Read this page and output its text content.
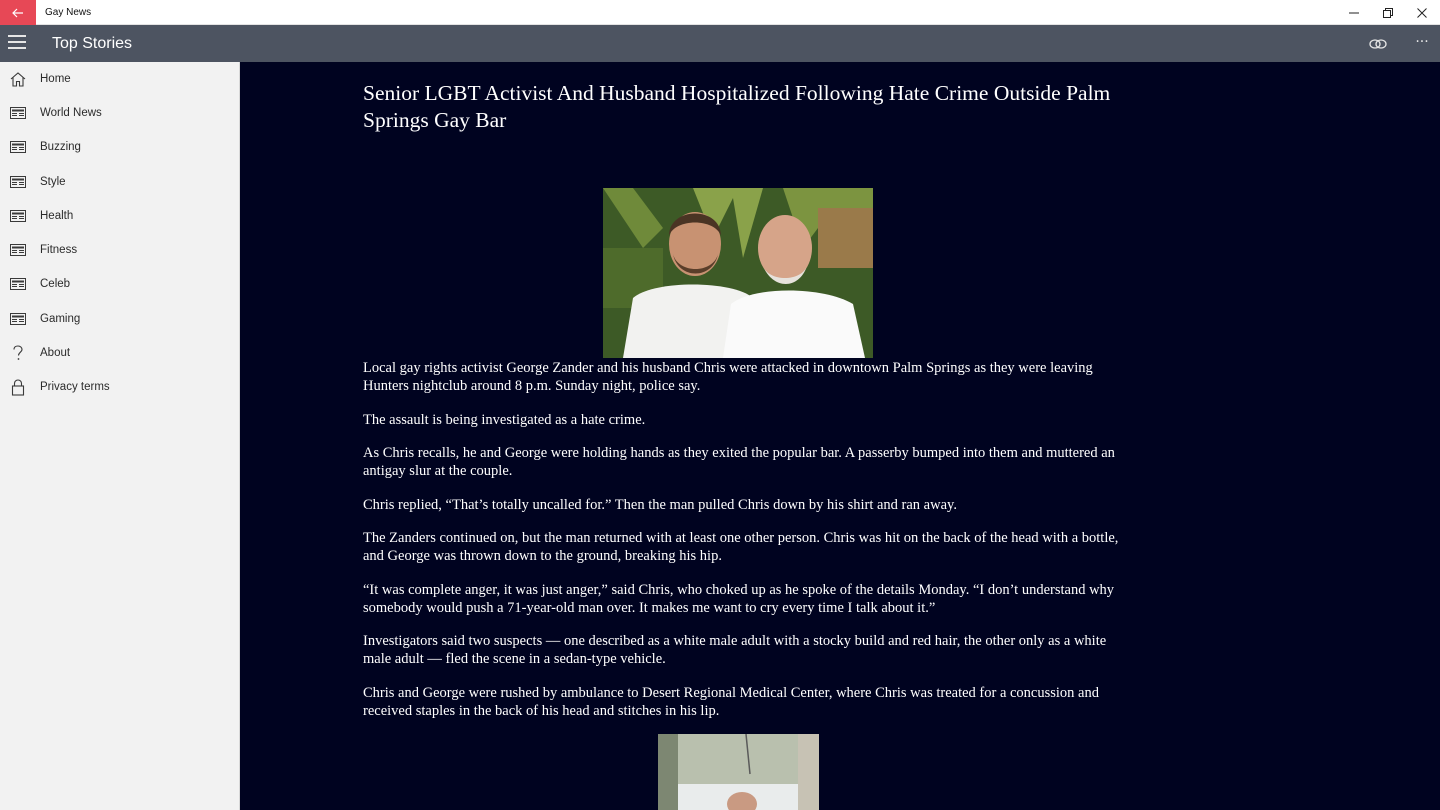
Gay News
Top Stories	···
Home
World News
Buzzing
Style
Health
Fitness
Celeb
Gaming
About
Privacy terms
Senior LGBT Activist And Husband Hospitalized Following Hate Crime Outside Palm Springs Gay Bar

Local gay rights activist George Zander and his husband Chris were attacked in downtown Palm Springs as they were leaving Hunters nightclub around 8 p.m. Sunday night, police say.

The assault is being investigated as a hate crime.

As Chris recalls, he and George were holding hands as they exited the popular bar. A passerby bumped into them and muttered an antigay slur at the couple.

Chris replied, “That’s totally uncalled for.” Then the man pulled Chris down by his shirt and ran away.

The Zanders continued on, but the man returned with at least one other person. Chris was hit on the back of the head with a bottle, and George was thrown down to the ground, breaking his hip.

“It was complete anger, it was just anger,” said Chris, who choked up as he spoke of the details Monday. “I don’t understand why somebody would push a 71-year-old man over. It makes me want to cry every time I talk about it.”

Investigators said two suspects — one described as a white male adult with a stocky build and red hair, the other only as a white male adult — fled the scene in a sedan-type vehicle.

Chris and George were rushed by ambulance to Desert Regional Medical Center, where Chris was treated for a concussion and received staples in the back of his head and stitches in his lip.
